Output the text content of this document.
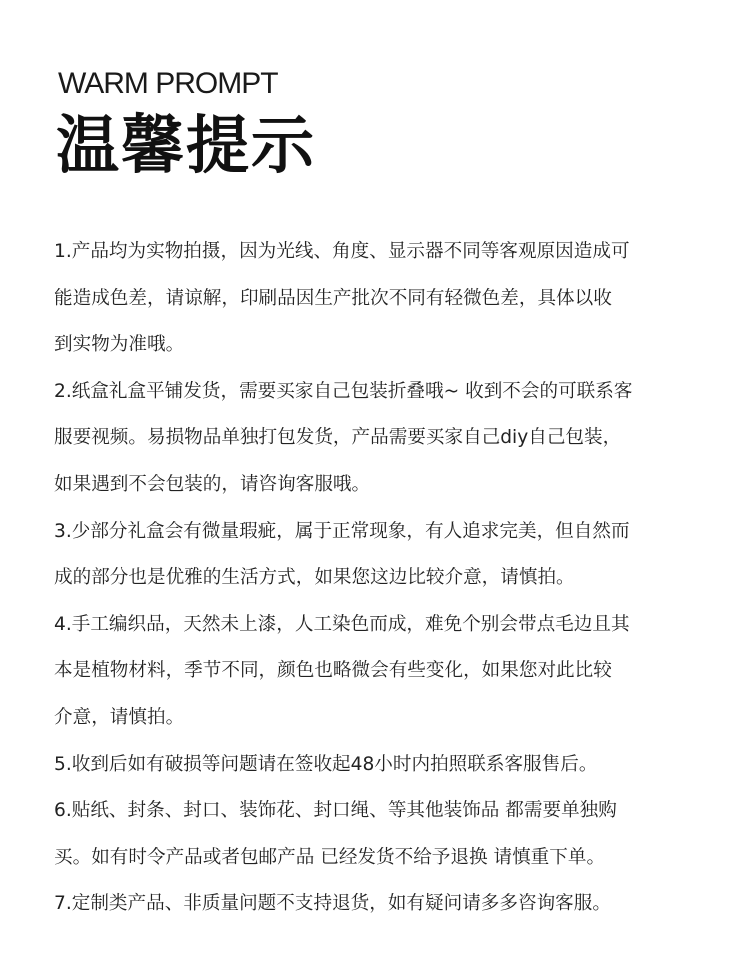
WARM PROMPT
温馨提示
1.产品均为实物拍摄，因为光线、角度、显示器不同等客观原因造成可
能造成色差，请谅解，印刷品因生产批次不同有轻微色差，具体以收
到实物为准哦。
2.纸盒礼盒平铺发货，需要买家自己包装折叠哦~ 收到不会的可联系客
服要视频。易损物品单独打包发货，产品需要买家自己diy自己包装，
如果遇到不会包装的，请咨询客服哦。
3.少部分礼盒会有微量瑕疵，属于正常现象，有人追求完美，但自然而
成的部分也是优雅的生活方式，如果您这边比较介意，请慎拍。
4.手工编织品，天然未上漆，人工染色而成，难免个别会带点毛边且其
本是植物材料，季节不同，颜色也略微会有些变化，如果您对此比较
介意，请慎拍。
5.收到后如有破损等问题请在签收起48小时内拍照联系客服售后。
6.贴纸、封条、封口、装饰花、封口绳、等其他装饰品 都需要单独购
买。如有时令产品或者包邮产品 已经发货不给予退换 请慎重下单。
7.定制类产品、非质量问题不支持退货，如有疑问请多多咨询客服。
